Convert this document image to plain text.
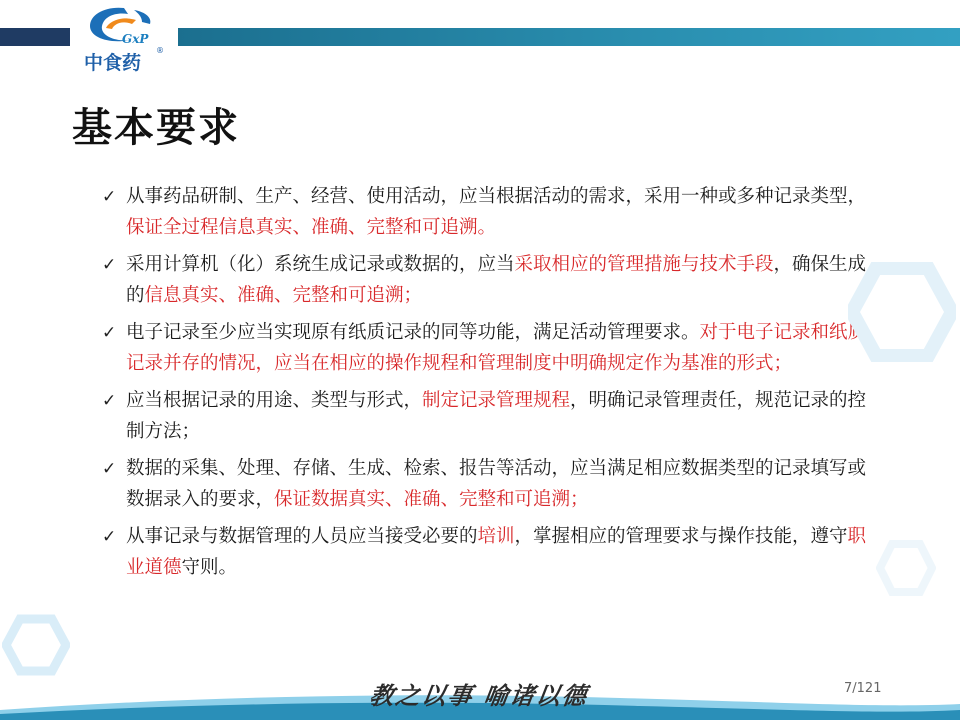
GxP
中食药
®
基本要求
✓ 从事药品研制、生产、经营、使用活动，应当根据活动的需求，采用一种或多种记录类型，保证全过程信息真实、准确、完整和可追溯。
✓ 采用计算机（化）系统生成记录或数据的，应当采取相应的管理措施与技术手段，确保生成的信息真实、准确、完整和可追溯；
✓ 电子记录至少应当实现原有纸质记录的同等功能，满足活动管理要求。对于电子记录和纸质记录并存的情况，应当在相应的操作规程和管理制度中明确规定作为基准的形式；
✓ 应当根据记录的用途、类型与形式，制定记录管理规程，明确记录管理责任，规范记录的控制方法；
✓ 数据的采集、处理、存储、生成、检索、报告等活动，应当满足相应数据类型的记录填写或数据录入的要求，保证数据真实、准确、完整和可追溯；
✓ 从事记录与数据管理的人员应当接受必要的培训，掌握相应的管理要求与操作技能，遵守职业道德守则。
教之以事 喻诸以德	7/121
